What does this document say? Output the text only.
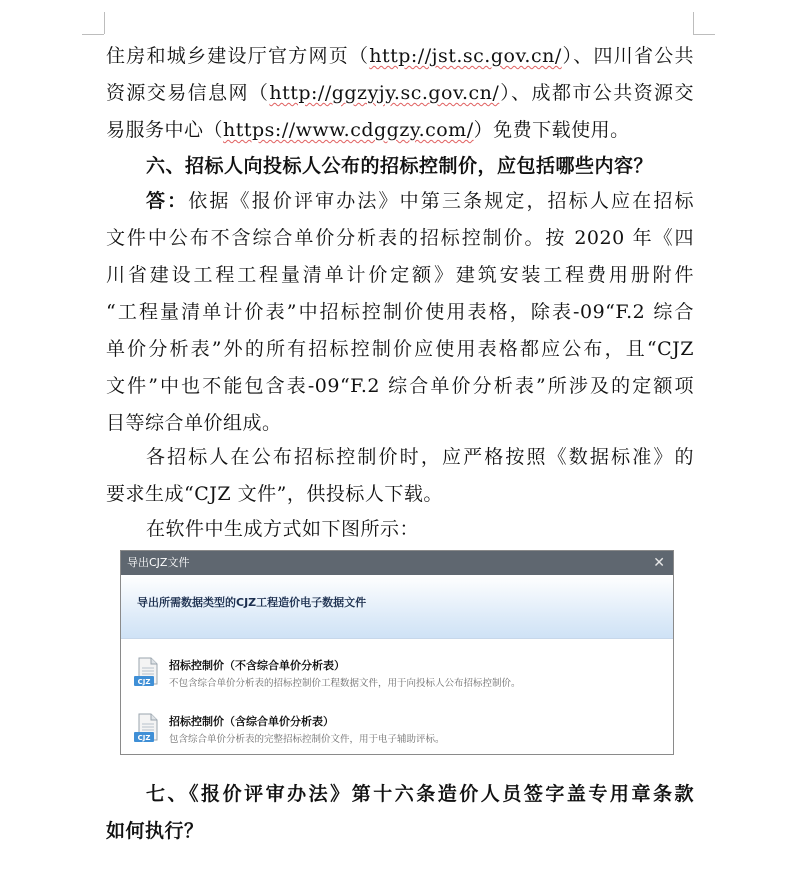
住房和城乡建设厅官方网页（http://jst.sc.gov.cn/）、四川省公共
资源交易信息网（http://ggzyjy.sc.gov.cn/）、成都市公共资源交
易服务中心（https://www.cdggzy.com/）免费下载使用。
六、招标人向投标人公布的招标控制价，应包括哪些内容？
答：依据《报价评审办法》中第三条规定，招标人应在招标
文件中公布不含综合单价分析表的招标控制价。按 2020 年《四
川省建设工程工程量清单计价定额》建筑安装工程费用册附件
“工程量清单计价表”中招标控制价使用表格，除表-09“F.2 综合
单价分析表”外的所有招标控制价应使用表格都应公布，且“CJZ
文件”中也不能包含表-09“F.2 综合单价分析表”所涉及的定额项
目等综合单价组成。
各招标人在公布招标控制价时，应严格按照《数据标准》的
要求生成“CJZ 文件”，供投标人下载。
在软件中生成方式如下图所示：
导出CJZ文件	✕
导出所需数据类型的CJZ工程造价电子数据文件
CJZ
招标控制价（不含综合单价分析表）
不包含综合单价分析表的招标控制价工程数据文件，用于向投标人公布招标控制价。
CJZ
招标控制价（含综合单价分析表）
包含综合单价分析表的完整招标控制价文件，用于电子辅助评标。
七、《报价评审办法》第十六条造价人员签字盖专用章条款
如何执行？
